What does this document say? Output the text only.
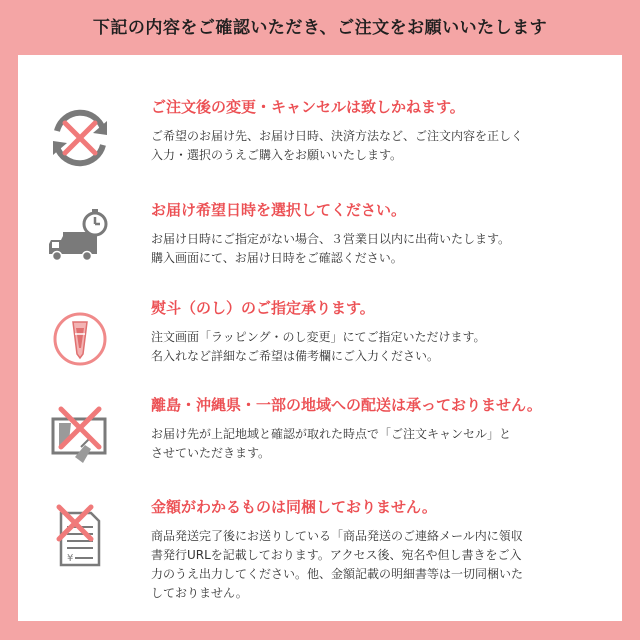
下記の内容をご確認いただき、ご注文をお願いいたします
ご注文後の変更・キャンセルは致しかねます。
ご希望のお届け先、お届け日時、決済方法など、ご注文内容を正しく
入力・選択のうえご購入をお願いいたします。
お届け希望日時を選択してください。
お届け日時にご指定がない場合、３営業日以内に出荷いたします。
購入画面にて、お届け日時をご確認ください。
熨斗（のし）のご指定承ります。
注文画面「ラッピング・のし変更」にてご指定いただけます。
名入れなど詳細なご希望は備考欄にご入力ください。
離島・沖縄県・一部の地域への配送は承っておりません。
お届け先が上記地域と確認が取れた時点で「ご注文キャンセル」と
させていただきます。
¥
金額がわかるものは同梱しておりません。
商品発送完了後にお送りしている「商品発送のご連絡メール内に領収
書発行URLを記載しております。アクセス後、宛名や但し書きをご入
力のうえ出力してください。他、金額記載の明細書等は一切同梱いた
しておりません。
